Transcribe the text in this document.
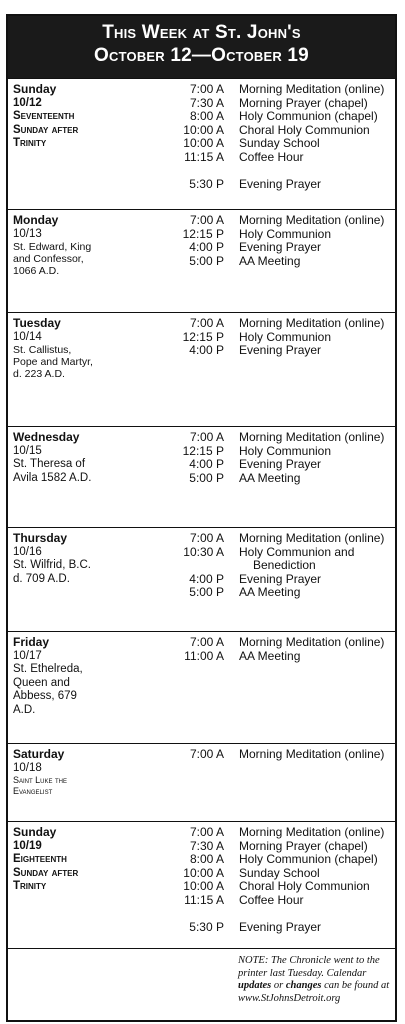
This Week at St. John's
October 12—October 19
Sunday
10/12
Seventeenth
Sunday after
Trinity
7:00 A Morning Meditation (online)
7:30 A Morning Prayer (chapel)
8:00 A Holy Communion (chapel)
10:00 A Choral Holy Communion
10:00 A Sunday School
11:15 A Coffee Hour
5:30 P Evening Prayer
Monday
10/13
St. Edward, King
and Confessor,
1066 A.D.
7:00 A Morning Meditation (online)
12:15 P Holy Communion
4:00 P Evening Prayer
5:00 P AA Meeting
Tuesday
10/14
St. Callistus,
Pope and Martyr,
d. 223 A.D.
7:00 A Morning Meditation (online)
12:15 P Holy Communion
4:00 P Evening Prayer
Wednesday
10/15
St. Theresa of
Avila 1582 A.D.
7:00 A Morning Meditation (online)
12:15 P Holy Communion
4:00 P Evening Prayer
5:00 P AA Meeting
Thursday
10/16
St. Wilfrid, B.C.
d. 709 A.D.
7:00 A Morning Meditation (online)
10:30 A Holy Communion and
Benediction
4:00 P Evening Prayer
5:00 P AA Meeting
Friday
10/17
St. Ethelreda,
Queen and
Abbess, 679
A.D.
7:00 A Morning Meditation (online)
11:00 A AA Meeting
Saturday
10/18
Saint Luke the
Evangelist
7:00 A Morning Meditation (online)
Sunday
10/19
Eighteenth
Sunday after
Trinity
7:00 A Morning Meditation (online)
7:30 A Morning Prayer (chapel)
8:00 A Holy Communion (chapel)
10:00 A Sunday School
10:00 A Choral Holy Communion
11:15 A Coffee Hour
5:30 P Evening Prayer
NOTE: The Chronicle went to the printer last Tuesday. Calendar updates or changes can be found at www.StJohnsDetroit.org
